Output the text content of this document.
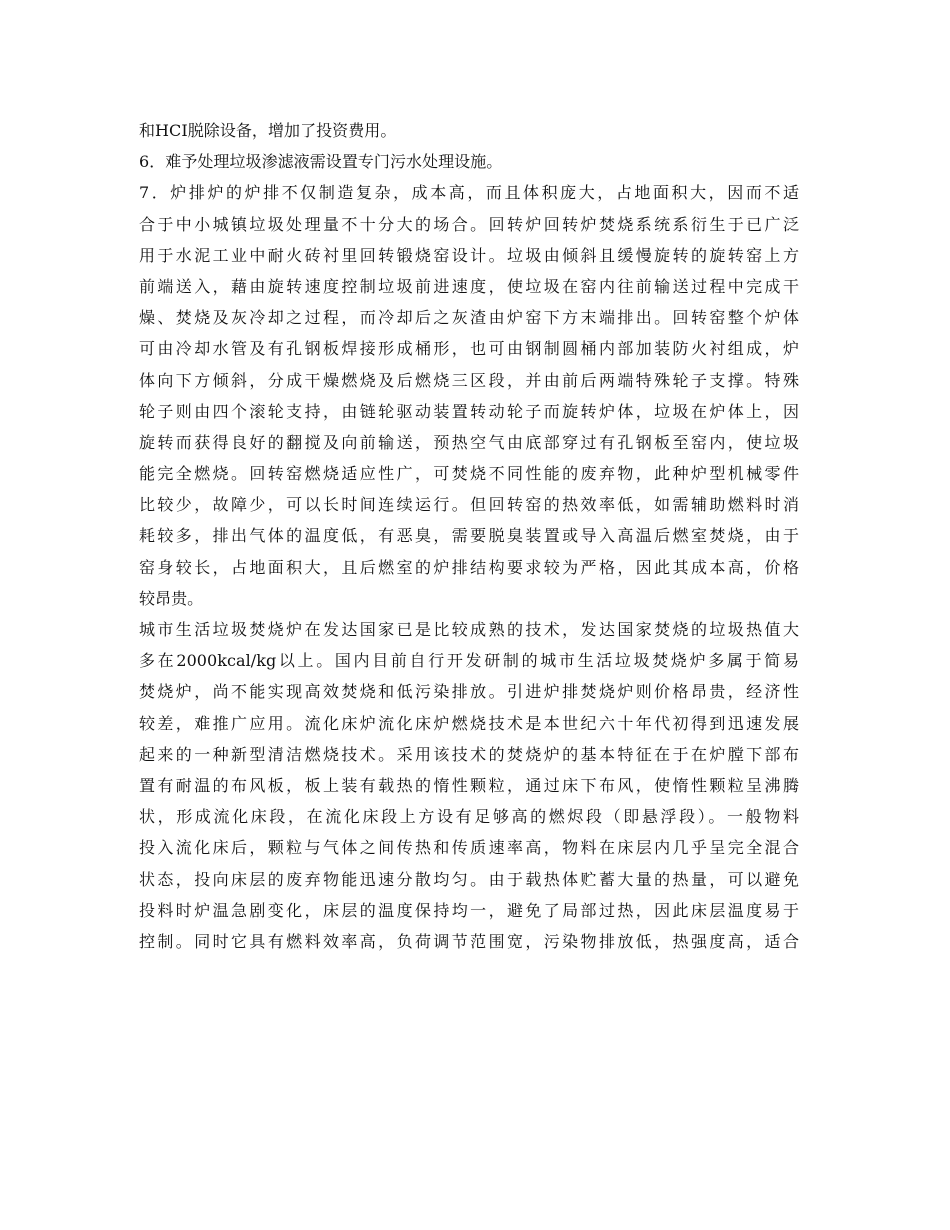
和HCI脱除设备，增加了投资费用。
6．难予处理垃圾渗滤液需设置专门污水处理设施。
7．炉排炉的炉排不仅制造复杂，成本高，而且体积庞大，占地面积大，因而不适
合于中小城镇垃圾处理量不十分大的场合。回转炉回转炉焚烧系统系衍生于已广泛
用于水泥工业中耐火砖衬里回转锻烧窑设计。垃圾由倾斜且缓慢旋转的旋转窑上方
前端送入，藉由旋转速度控制垃圾前进速度，使垃圾在窑内往前输送过程中完成干
燥、焚烧及灰冷却之过程，而冷却后之灰渣由炉窑下方末端排出。回转窑整个炉体
可由冷却水管及有孔钢板焊接形成桶形，也可由钢制圆桶内部加装防火衬组成，炉
体向下方倾斜，分成干燥燃烧及后燃烧三区段，并由前后两端特殊轮子支撑。特殊
轮子则由四个滚轮支持，由链轮驱动装置转动轮子而旋转炉体，垃圾在炉体上，因
旋转而获得良好的翻搅及向前输送，预热空气由底部穿过有孔钢板至窑内，使垃圾
能完全燃烧。回转窑燃烧适应性广，可焚烧不同性能的废弃物，此种炉型机械零件
比较少，故障少，可以长时间连续运行。但回转窑的热效率低，如需辅助燃料时消
耗较多，排出气体的温度低，有恶臭，需要脱臭装置或导入高温后燃室焚烧，由于
窑身较长，占地面积大，且后燃室的炉排结构要求较为严格，因此其成本高，价格
较昂贵。
城市生活垃圾焚烧炉在发达国家已是比较成熟的技术，发达国家焚烧的垃圾热值大
多在2000kcal/kg以上。国内目前自行开发研制的城市生活垃圾焚烧炉多属于简易
焚烧炉，尚不能实现高效焚烧和低污染排放。引进炉排焚烧炉则价格昂贵，经济性
较差，难推广应用。流化床炉流化床炉燃烧技术是本世纪六十年代初得到迅速发展
起来的一种新型清洁燃烧技术。采用该技术的焚烧炉的基本特征在于在炉膛下部布
置有耐温的布风板，板上装有载热的惰性颗粒，通过床下布风，使惰性颗粒呈沸腾
状，形成流化床段，在流化床段上方设有足够高的燃烬段（即悬浮段）。一般物料
投入流化床后，颗粒与气体之间传热和传质速率高，物料在床层内几乎呈完全混合
状态，投向床层的废弃物能迅速分散均匀。由于载热体贮蓄大量的热量，可以避免
投料时炉温急剧变化，床层的温度保持均一，避免了局部过热，因此床层温度易于
控制。同时它具有燃料效率高，负荷调节范围宽，污染物排放低，热强度高，适合
